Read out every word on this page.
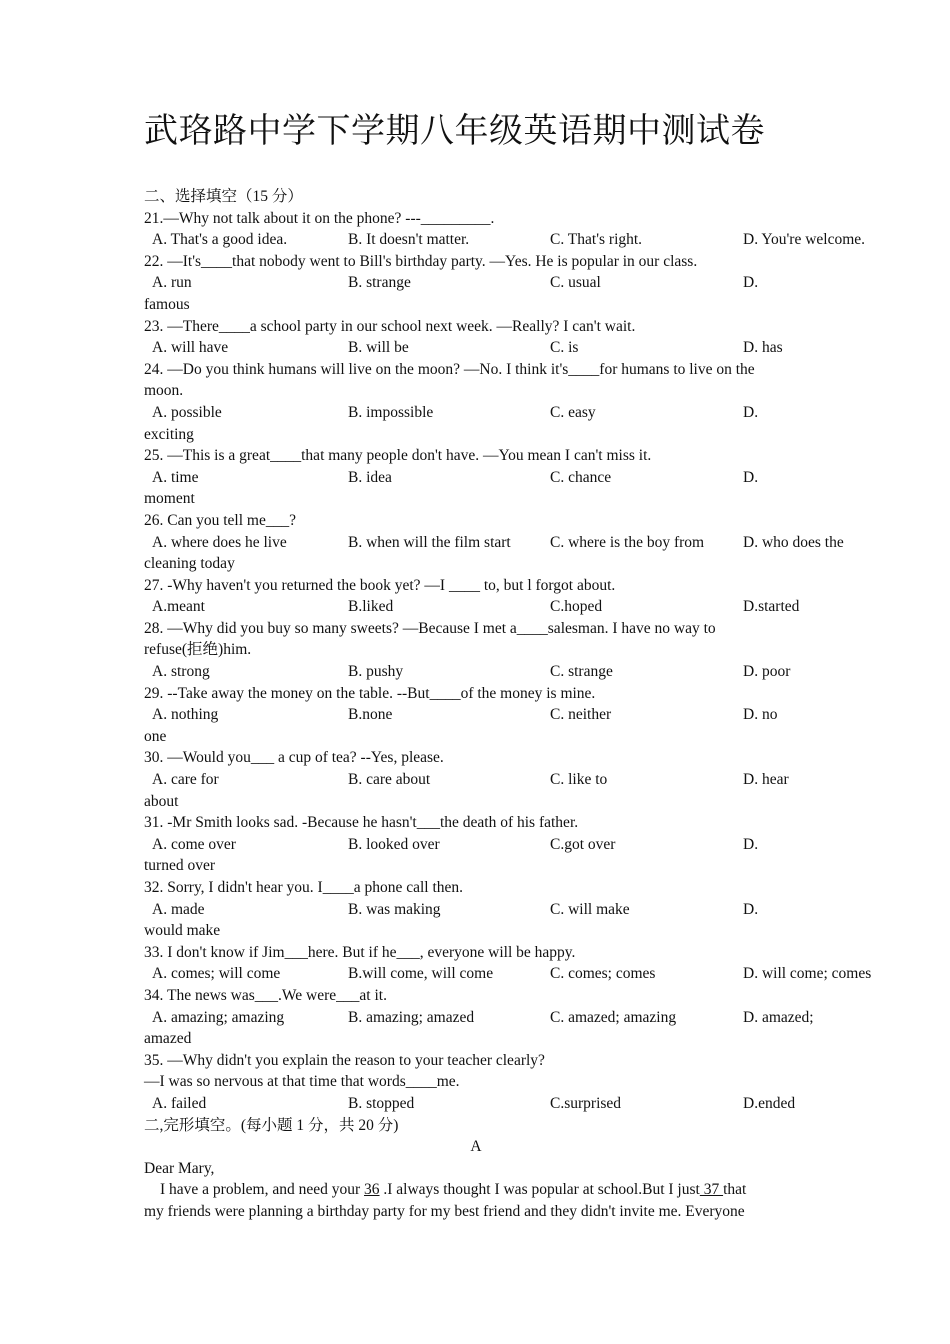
武珞路中学下学期八年级英语期中测试卷
二、选择填空（15 分）
21.—Why not talk about it on the phone? ---_________.
A. That's a good idea.	B. It doesn't matter.	C. That's right.	D. You're welcome.
22. —It's____that nobody went to Bill's birthday party. —Yes. He is popular in our class.
A. run	B. strange	C. usual	D.
famous
23. —There____a school party in our school next week. —Really? I can't wait.
A. will have	B. will be	C. is	D. has
24. —Do you think humans will live on the moon? —No. I think it's____for humans to live on the
moon.
A. possible	B. impossible	C. easy	D.
exciting
25. —This is a great____that many people don't have. —You mean I can't miss it.
A. time	B. idea	C. chance	D.
moment
26. Can you tell me___?
A. where does he live	B. when will the film start	C. where is the boy from	D. who does the
cleaning today
27. -Why haven't you returned the book yet? —I ____ to, but l forgot about.
A.meant	B.liked	C.hoped	D.started
28. —Why did you buy so many sweets? —Because I met a____salesman. I have no way to
refuse(拒绝)him.
A. strong	B. pushy	C. strange	D. poor
29. --Take away the money on the table. --But____of the money is mine.
A. nothing	B.none	C. neither	D. no
one
30. —Would you___ a cup of tea? --Yes, please.
A. care for	B. care about	C. like to	D. hear
about
31. -Mr Smith looks sad. -Because he hasn't___the death of his father.
A. come over	B. looked over	C.got over	D.
turned over
32. Sorry, I didn't hear you. I____a phone call then.
A. made	B. was making	C. will make	D.
would make
33. I don't know if Jim___here. But if he___, everyone will be happy.
A. comes; will come	B.will come, will come	C. comes; comes	D. will come; comes
34. The news was___.We were___at it.
A. amazing; amazing	B. amazing; amazed	C. amazed; amazing	D. amazed;
amazed
35. —Why didn't you explain the reason to your teacher clearly?
—I was so nervous at that time that words____me.
A. failed	B. stopped	C.surprised	D.ended
二,完形填空。(每小题 1 分，共 20 分)
A
Dear Mary,
I have a problem, and need your 36 .I always thought I was popular at school.But I just 37 that
my friends were planning a birthday party for my best friend and they didn't invite me. Everyone
